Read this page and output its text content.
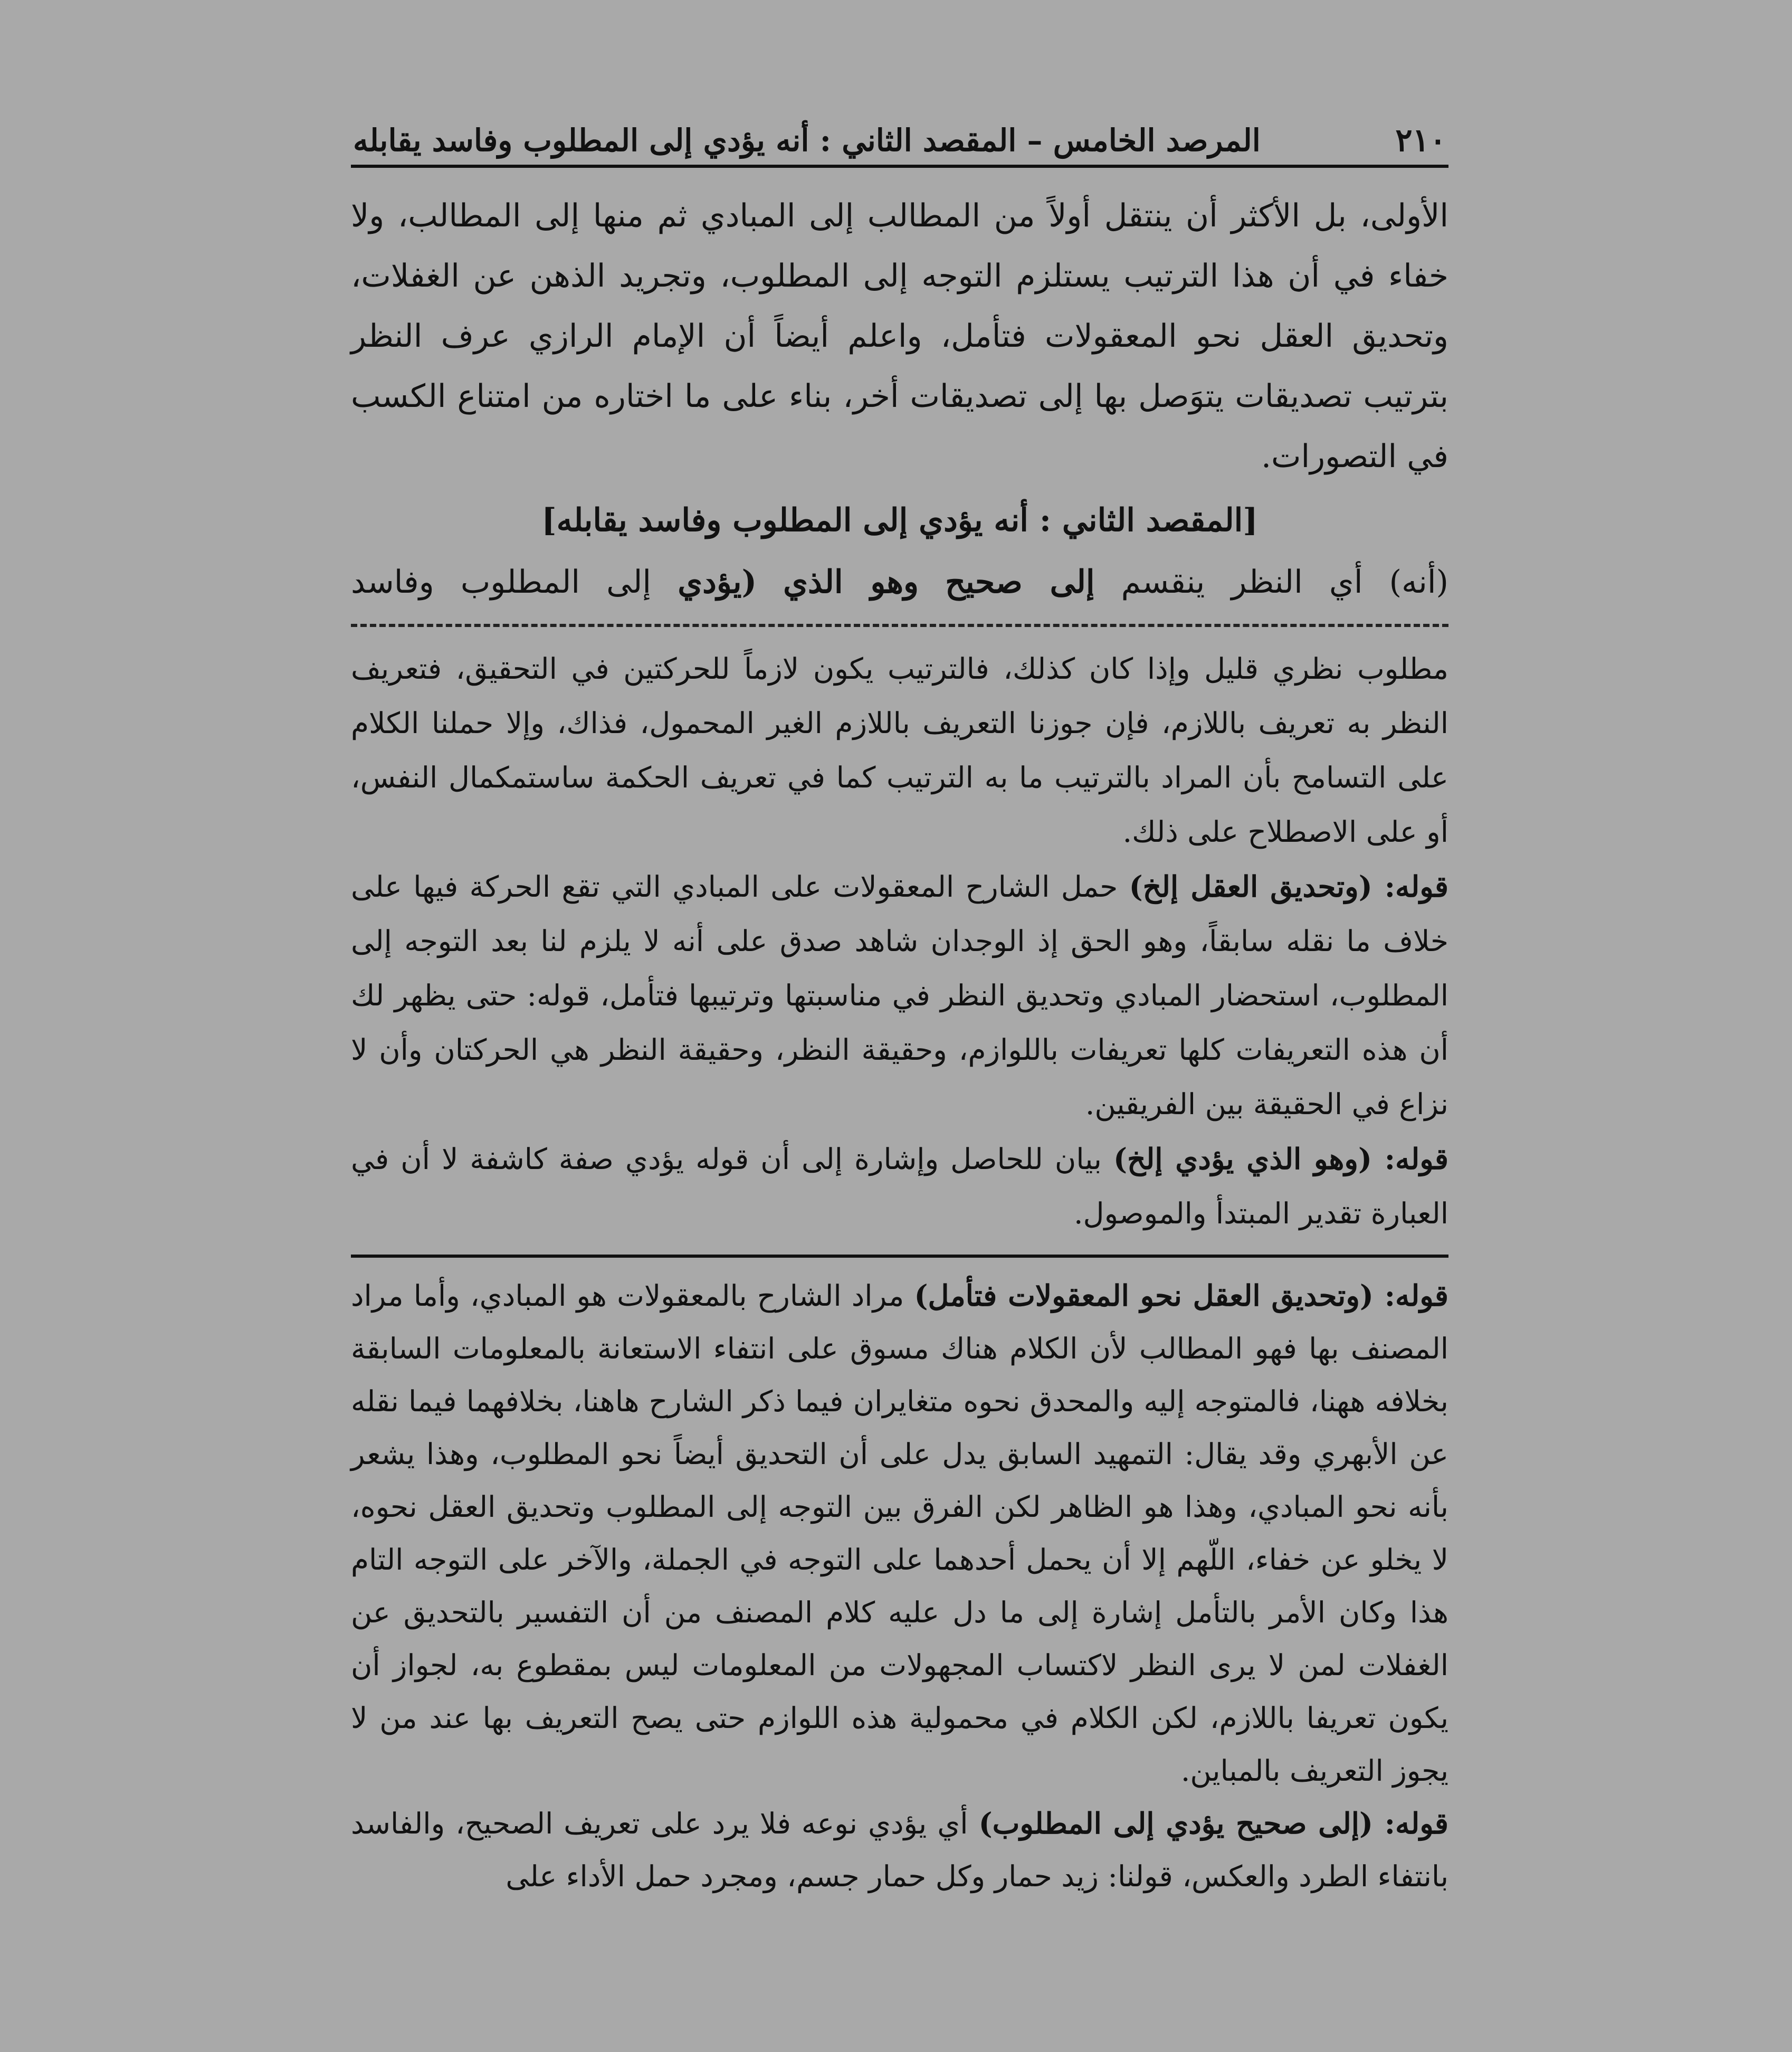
٢١٠
المرصد الخامس – المقصد الثاني : أنه يؤدي إلى المطلوب وفاسد يقابله

الأولى، بل الأكثر أن ينتقل أولاً من المطالب إلى المبادي ثم منها إلى المطالب، ولا خفاء في أن هذا الترتيب يستلزم التوجه إلى المطلوب، وتجريد الذهن عن الغفلات، وتحديق العقل نحو المعقولات فتأمل، واعلم أيضاً أن الإمام الرازي عرف النظر بترتيب تصديقات يتوَصل بها إلى تصديقات أخر، بناء على ما اختاره من امتناع الكسب في التصورات.

[المقصد الثاني : أنه يؤدي إلى المطلوب وفاسد يقابله]
(أنه) أي النظر ينقسم إلى صحيح وهو الذي (يؤدي إلى المطلوب وفاسد

مطلوب نظري قليل وإذا كان كذلك، فالترتيب يكون لازماً للحركتين في التحقيق، فتعريف النظر به تعريف باللازم، فإن جوزنا التعريف باللازم الغير المحمول، فذاك، وإلا حملنا الكلام على التسامح بأن المراد بالترتيب ما به الترتيب كما في تعريف الحكمة ساستمكمال النفس، أو على الاصطلاح على ذلك.

قوله: (وتحديق العقل إلخ) حمل الشارح المعقولات على المبادي التي تقع الحركة فيها على خلاف ما نقله سابقاً، وهو الحق إذ الوجدان شاهد صدق على أنه لا يلزم لنا بعد التوجه إلى المطلوب، استحضار المبادي وتحديق النظر في مناسبتها وترتيبها فتأمل، قوله: حتى يظهر لك أن هذه التعريفات كلها تعريفات باللوازم، وحقيقة النظر، وحقيقة النظر هي الحركتان وأن لا نزاع في الحقيقة بين الفريقين.

قوله: (وهو الذي يؤدي إلخ) بيان للحاصل وإشارة إلى أن قوله يؤدي صفة كاشفة لا أن في العبارة تقدير المبتدأ والموصول.

قوله: (وتحديق العقل نحو المعقولات فتأمل) مراد الشارح بالمعقولات هو المبادي، وأما مراد المصنف بها فهو المطالب لأن الكلام هناك مسوق على انتفاء الاستعانة بالمعلومات السابقة بخلافه ههنا، فالمتوجه إليه والمحدق نحوه متغايران فيما ذكر الشارح هاهنا، بخلافهما فيما نقله عن الأبهري وقد يقال: التمهيد السابق يدل على أن التحديق أيضاً نحو المطلوب، وهذا يشعر بأنه نحو المبادي، وهذا هو الظاهر لكن الفرق بين التوجه إلى المطلوب وتحديق العقل نحوه، لا يخلو عن خفاء، اللّهم إلا أن يحمل أحدهما على التوجه في الجملة، والآخر على التوجه التام هذا وكان الأمر بالتأمل إشارة إلى ما دل عليه كلام المصنف من أن التفسير بالتحديق عن الغفلات لمن لا يرى النظر لاكتساب المجهولات من المعلومات ليس بمقطوع به، لجواز أن يكون تعريفا باللازم، لكن الكلام في محمولية هذه اللوازم حتى يصح التعريف بها عند من لا يجوز التعريف بالمباين.

قوله: (إلى صحيح يؤدي إلى المطلوب) أي يؤدي نوعه فلا يرد على تعريف الصحيح، والفاسد بانتفاء الطرد والعكس، قولنا: زيد حمار وكل حمار جسم، ومجرد حمل الأداء على
